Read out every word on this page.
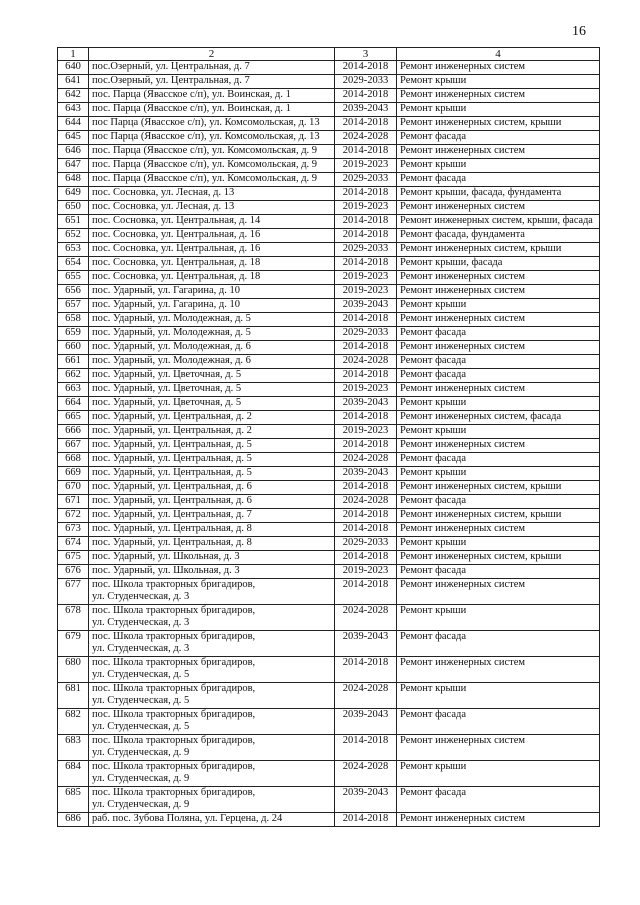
16
1	2	3	4
640	пос.Озерный, ул. Центральная, д. 7	2014-2018	Ремонт инженерных систем
641	пос.Озерный, ул. Центральная, д. 7	2029-2033	Ремонт крыши
642	пос. Парца (Явасское с/п), ул. Воинская, д. 1	2014-2018	Ремонт инженерных систем
643	пос. Парца (Явасское с/п), ул. Воинская, д. 1	2039-2043	Ремонт крыши
644	пос Парца (Явасское с/п), ул. Комсомольская, д. 13	2014-2018	Ремонт инженерных систем, крыши
645	пос Парца (Явасское с/п), ул. Комсомольская, д. 13	2024-2028	Ремонт фасада
646	пос. Парца (Явасское с/п), ул. Комсомольская, д. 9	2014-2018	Ремонт инженерных систем
647	пос. Парца (Явасское с/п), ул. Комсомольская, д. 9	2019-2023	Ремонт крыши
648	пос. Парца (Явасское с/п), ул. Комсомольская, д. 9	2029-2033	Ремонт фасада
649	пос. Сосновка, ул. Лесная, д. 13	2014-2018	Ремонт крыши, фасада, фундамента
650	пос. Сосновка, ул. Лесная, д. 13	2019-2023	Ремонт инженерных систем
651	пос. Сосновка, ул. Центральная, д. 14	2014-2018	Ремонт инженерных систем, крыши, фасада
652	пос. Сосновка, ул. Центральная, д. 16	2014-2018	Ремонт фасада, фундамента
653	пос. Сосновка, ул. Центральная, д. 16	2029-2033	Ремонт инженерных систем, крыши
654	пос. Сосновка, ул. Центральная, д. 18	2014-2018	Ремонт крыши, фасада
655	пос. Сосновка, ул. Центральная, д. 18	2019-2023	Ремонт инженерных систем
656	пос. Ударный, ул. Гагарина, д. 10	2019-2023	Ремонт инженерных систем
657	пос. Ударный, ул. Гагарина, д. 10	2039-2043	Ремонт крыши
658	пос. Ударный, ул. Молодежная, д. 5	2014-2018	Ремонт инженерных систем
659	пос. Ударный, ул. Молодежная, д. 5	2029-2033	Ремонт фасада
660	пос. Ударный, ул. Молодежная, д. 6	2014-2018	Ремонт инженерных систем
661	пос. Ударный, ул. Молодежная, д. 6	2024-2028	Ремонт фасада
662	пос. Ударный, ул. Цветочная, д. 5	2014-2018	Ремонт фасада
663	пос. Ударный, ул. Цветочная, д. 5	2019-2023	Ремонт инженерных систем
664	пос. Ударный, ул. Цветочная, д. 5	2039-2043	Ремонт крыши
665	пос. Ударный, ул. Центральная, д. 2	2014-2018	Ремонт инженерных систем, фасада
666	пос. Ударный, ул. Центральная, д. 2	2019-2023	Ремонт крыши
667	пос. Ударный, ул. Центральная, д. 5	2014-2018	Ремонт инженерных систем
668	пос. Ударный, ул. Центральная, д. 5	2024-2028	Ремонт фасада
669	пос. Ударный, ул. Центральная, д. 5	2039-2043	Ремонт крыши
670	пос. Ударный, ул. Центральная, д. 6	2014-2018	Ремонт инженерных систем, крыши
671	пос. Ударный, ул. Центральная, д. 6	2024-2028	Ремонт фасада
672	пос. Ударный, ул. Центральная, д. 7	2014-2018	Ремонт инженерных систем, крыши
673	пос. Ударный, ул. Центральная, д. 8	2014-2018	Ремонт инженерных систем
674	пос. Ударный, ул. Центральная, д. 8	2029-2033	Ремонт крыши
675	пос. Ударный, ул. Школьная, д. 3	2014-2018	Ремонт инженерных систем, крыши
676	пос. Ударный, ул. Школьная, д. 3	2019-2023	Ремонт фасада
677	пос. Школа тракторных бригадиров,
ул. Студенческая, д. 3	2014-2018	Ремонт инженерных систем
678	пос. Школа тракторных бригадиров,
ул. Студенческая, д. 3	2024-2028	Ремонт крыши
679	пос. Школа тракторных бригадиров,
ул. Студенческая, д. 3	2039-2043	Ремонт фасада
680	пос. Школа тракторных бригадиров,
ул. Студенческая, д. 5	2014-2018	Ремонт инженерных систем
681	пос. Школа тракторных бригадиров,
ул. Студенческая, д. 5	2024-2028	Ремонт крыши
682	пос. Школа тракторных бригадиров,
ул. Студенческая, д. 5	2039-2043	Ремонт фасада
683	пос. Школа тракторных бригадиров,
ул. Студенческая, д. 9	2014-2018	Ремонт инженерных систем
684	пос. Школа тракторных бригадиров,
ул. Студенческая, д. 9	2024-2028	Ремонт крыши
685	пос. Школа тракторных бригадиров,
ул. Студенческая, д. 9	2039-2043	Ремонт фасада
686	раб. пос. Зубова Поляна, ул. Герцена, д. 24	2014-2018	Ремонт инженерных систем
